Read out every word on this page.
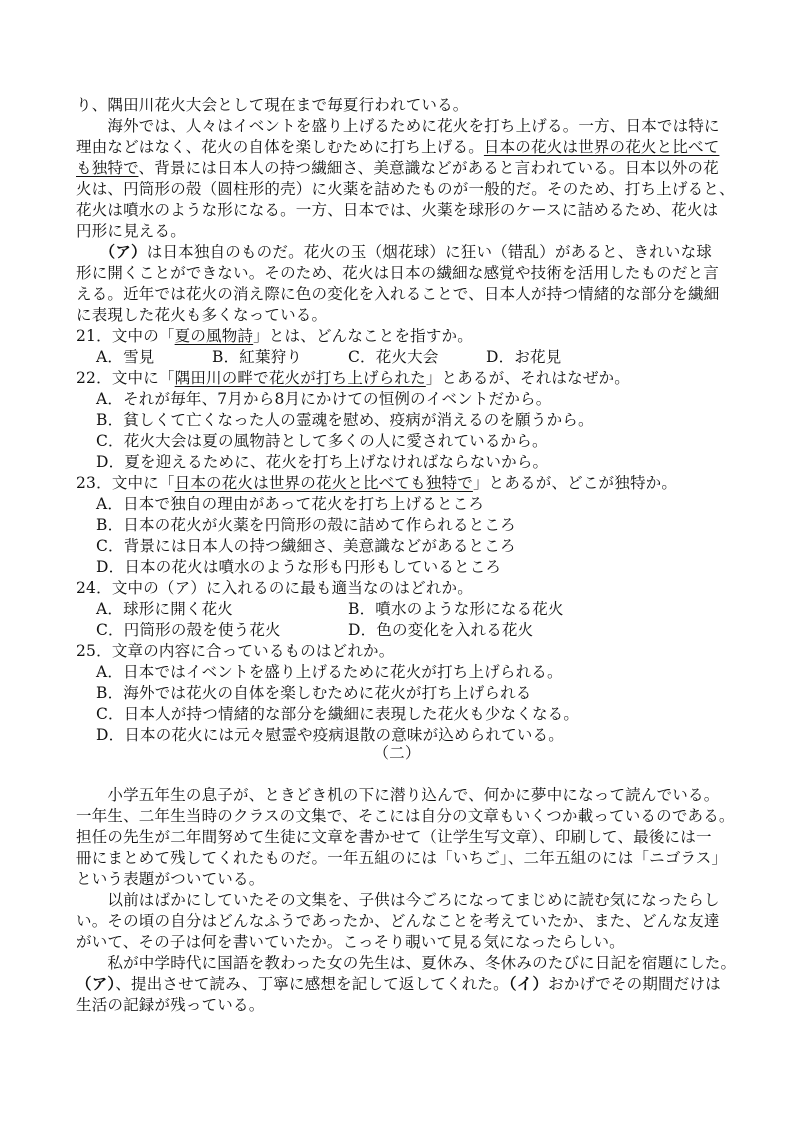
り、隅田川花火大会として現在まで毎夏行われている。
　　海外では、人々はイベントを盛り上げるために花火を打ち上げる。一方、日本では特に
理由などはなく、花火の自体を楽しむために打ち上げる。日本の花火は世界の花火と比べて
も独特で、背景には日本人の持つ繊細さ、美意識などがあると言われている。日本以外の花
火は、円筒形の殻（圆柱形的壳）に火薬を詰めたものが一般的だ。そのため、打ち上げると、
花火は噴水のような形になる。一方、日本では、火薬を球形のケースに詰めるため、花火は
円形に見える。
　　（ア）は日本独自のものだ。花火の玉（烟花球）に狂い（错乱）があると、きれいな球
形に開くことができない。そのため、花火は日本の繊細な感覚や技術を活用したものだと言
える。近年では花火の消え際に色の変化を入れることで、日本人が持つ情緒的な部分を繊細
に表現した花火も多くなっている。
21．文中の「夏の風物詩」とは、どんなことを指すか。
A．雪見	B．紅葉狩り	C．花火大会	D．お花見
22．文中に「隅田川の畔で花火が打ち上げられた」とあるが、それはなぜか。
A．それが毎年、7月から8月にかけての恒例のイベントだから。
B．貧しくて亡くなった人の霊魂を慰め、疫病が消えるのを願うから。
C．花火大会は夏の風物詩として多くの人に愛されているから。
D．夏を迎えるために、花火を打ち上げなければならないから。
23．文中に「日本の花火は世界の花火と比べても独特で」とあるが、どこが独特か。
A．日本で独自の理由があって花火を打ち上げるところ
B．日本の花火が火薬を円筒形の殻に詰めて作られるところ
C．背景には日本人の持つ繊細さ、美意識などがあるところ
D．日本の花火は噴水のような形も円形もしているところ
24．文中の（ア）に入れるのに最も適当なのはどれか。
A．球形に開く花火	B．噴水のような形になる花火
C．円筒形の殻を使う花火	D．色の変化を入れる花火
25．文章の内容に合っているものはどれか。
A．日本ではイベントを盛り上げるために花火が打ち上げられる。
B．海外では花火の自体を楽しむために花火が打ち上げられる
C．日本人が持つ情緒的な部分を繊細に表現した花火も少なくなる。
D．日本の花火には元々慰霊や疫病退散の意味が込められている。
（二）
　　小学五年生の息子が、ときどき机の下に潜り込んで、何かに夢中になって読んでいる。
一年生、二年生当時のクラスの文集で、そこには自分の文章もいくつか載っているのである。
担任の先生が二年間努めて生徒に文章を書かせて（让学生写文章）、印刷して、最後には一
冊にまとめて残してくれたものだ。一年五組のには「いちご」、二年五組のには「ニゴラス」
という表題がついている。
　　以前はばかにしていたその文集を、子供は今ごろになってまじめに読む気になったらし
い。その頃の自分はどんなふうであったか、どんなことを考えていたか、また、どんな友達
がいて、その子は何を書いていたか。こっそり覗いて見る気になったらしい。
　　私が中学時代に国語を教わった女の先生は、夏休み、冬休みのたびに日記を宿題にした。
（ア）、提出させて読み、丁寧に感想を記して返してくれた。（イ）おかげでその期間だけは
生活の記録が残っている。
